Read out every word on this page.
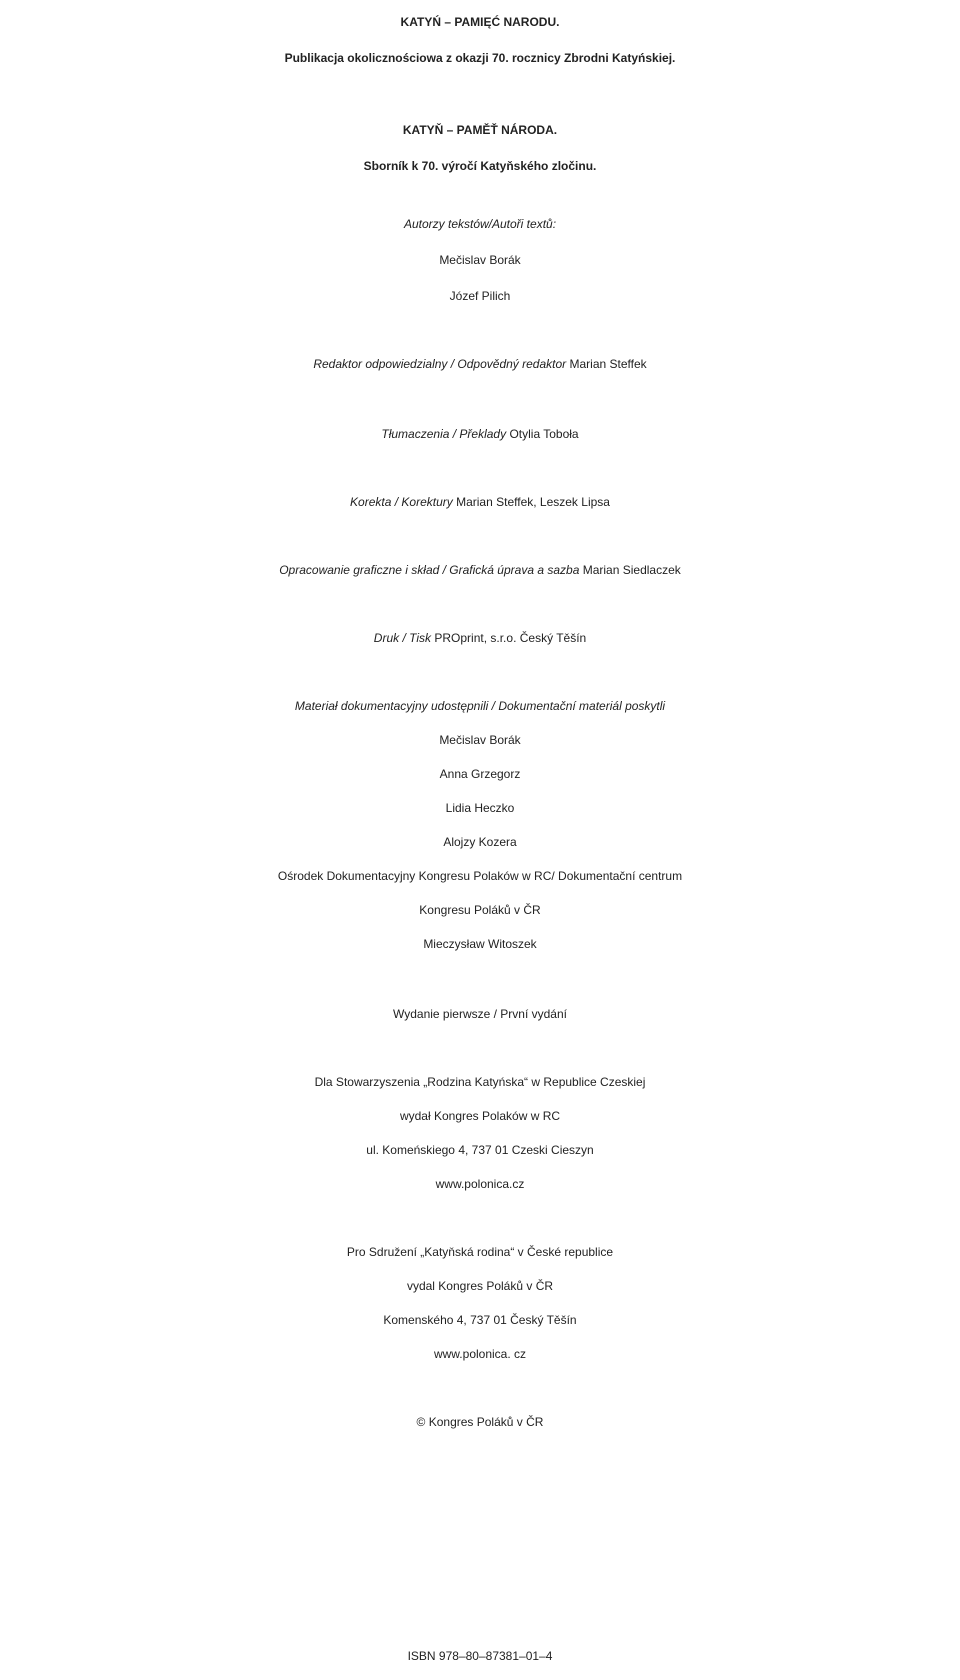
KATYŃ – PAMIĘĆ NARODU.
Publikacja okolicznościowa z okazji 70. rocznicy Zbrodni Katyńskiej.
KATYŇ – PAMĚŤ NÁRODA.
Sborník k 70. výročí Katyňského zločinu.
Autorzy tekstów/Autoři textů:
Mečislav Borák
Józef Pilich
Redaktor odpowiedzialny / Odpovědný redaktor Marian Steffek
Tłumaczenia / Překlady Otylia Toboła
Korekta / Korektury Marian Steffek, Leszek Lipsa
Opracowanie graficzne i skład / Grafická úprava a sazba Marian Siedlaczek
Druk / Tisk PROprint, s.r.o. Český Těšín
Materiał dokumentacyjny udostępnili / Dokumentační materiál poskytli
Mečislav Borák
Anna Grzegorz
Lidia Heczko
Alojzy Kozera
Ośrodek Dokumentacyjny Kongresu Polaków w RC/ Dokumentační centrum
Kongresu Poláků v ČR
Mieczysław Witoszek
Wydanie pierwsze / První vydání
Dla Stowarzyszenia „Rodzina Katyńska“ w Republice Czeskiej
wydał Kongres Polaków w RC
ul. Komeńskiego 4, 737 01 Czeski Cieszyn
www.polonica.cz
Pro Sdružení „Katyňská rodina“ v České republice
vydal Kongres Poláků v ČR
Komenského 4, 737 01 Český Těšín
www.polonica. cz
© Kongres Poláků v ČR
ISBN 978–80–87381–01–4
